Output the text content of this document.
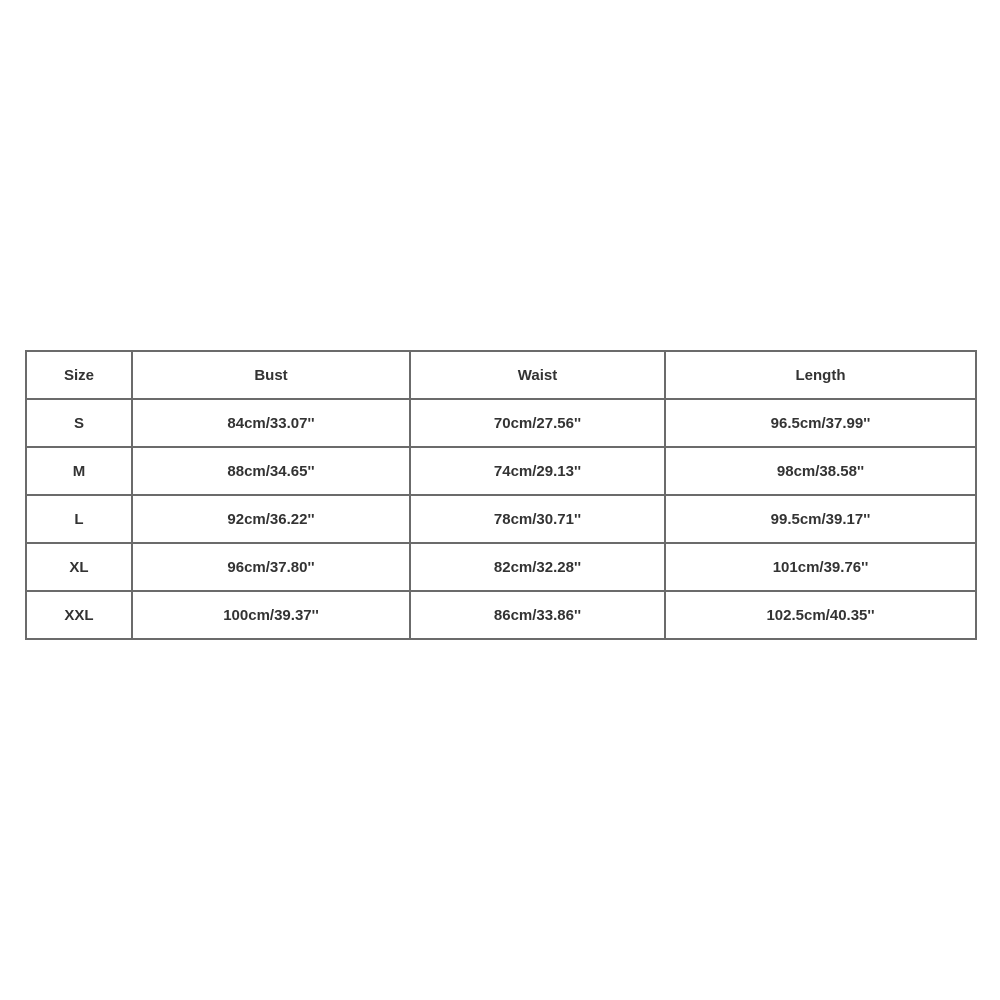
Size	Bust	Waist	Length
S	84cm/33.07''	70cm/27.56''	96.5cm/37.99''
M	88cm/34.65''	74cm/29.13''	98cm/38.58''
L	92cm/36.22''	78cm/30.71''	99.5cm/39.17''
XL	96cm/37.80''	82cm/32.28''	101cm/39.76''
XXL	100cm/39.37''	86cm/33.86''	102.5cm/40.35''
